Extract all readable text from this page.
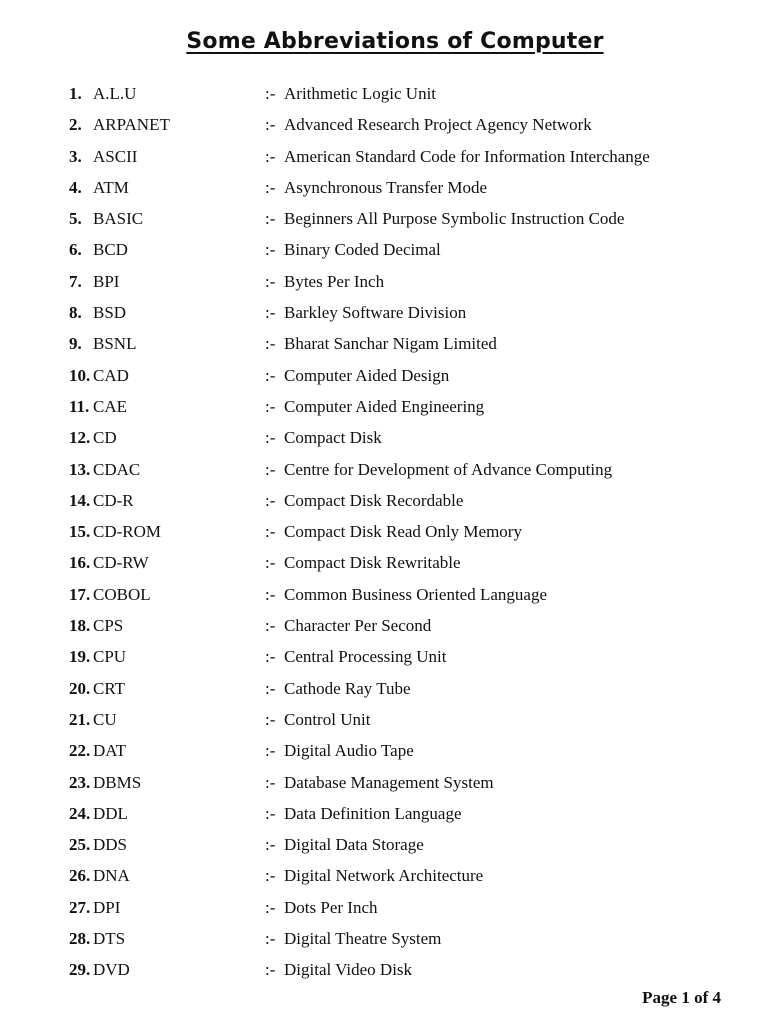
Some Abbreviations of Computer
1. A.L.U	:- Arithmetic Logic Unit
2. ARPANET	:- Advanced Research Project Agency Network
3. ASCII	:- American Standard Code for Information Interchange
4. ATM	:- Asynchronous Transfer Mode
5. BASIC	:- Beginners All Purpose Symbolic Instruction Code
6. BCD	:- Binary Coded Decimal
7. BPI	:- Bytes Per Inch
8. BSD	:- Barkley Software Division
9. BSNL	:- Bharat Sanchar Nigam Limited
10. CAD	:- Computer Aided Design
11. CAE	:- Computer Aided Engineering
12. CD	:- Compact Disk
13. CDAC	:- Centre for Development of Advance Computing
14. CD-R	:- Compact Disk Recordable
15. CD-ROM	:- Compact Disk Read Only Memory
16. CD-RW	:- Compact Disk Rewritable
17. COBOL	:- Common Business Oriented Language
18. CPS	:- Character Per Second
19. CPU	:- Central Processing Unit
20. CRT	:- Cathode Ray Tube
21. CU	:- Control Unit
22. DAT	:- Digital Audio Tape
23. DBMS	:- Database Management System
24. DDL	:- Data Definition Language
25. DDS	:- Digital Data Storage
26. DNA	:- Digital Network Architecture
27. DPI	:- Dots Per Inch
28. DTS	:- Digital Theatre System
29. DVD	:- Digital Video Disk
Page 1 of 4
